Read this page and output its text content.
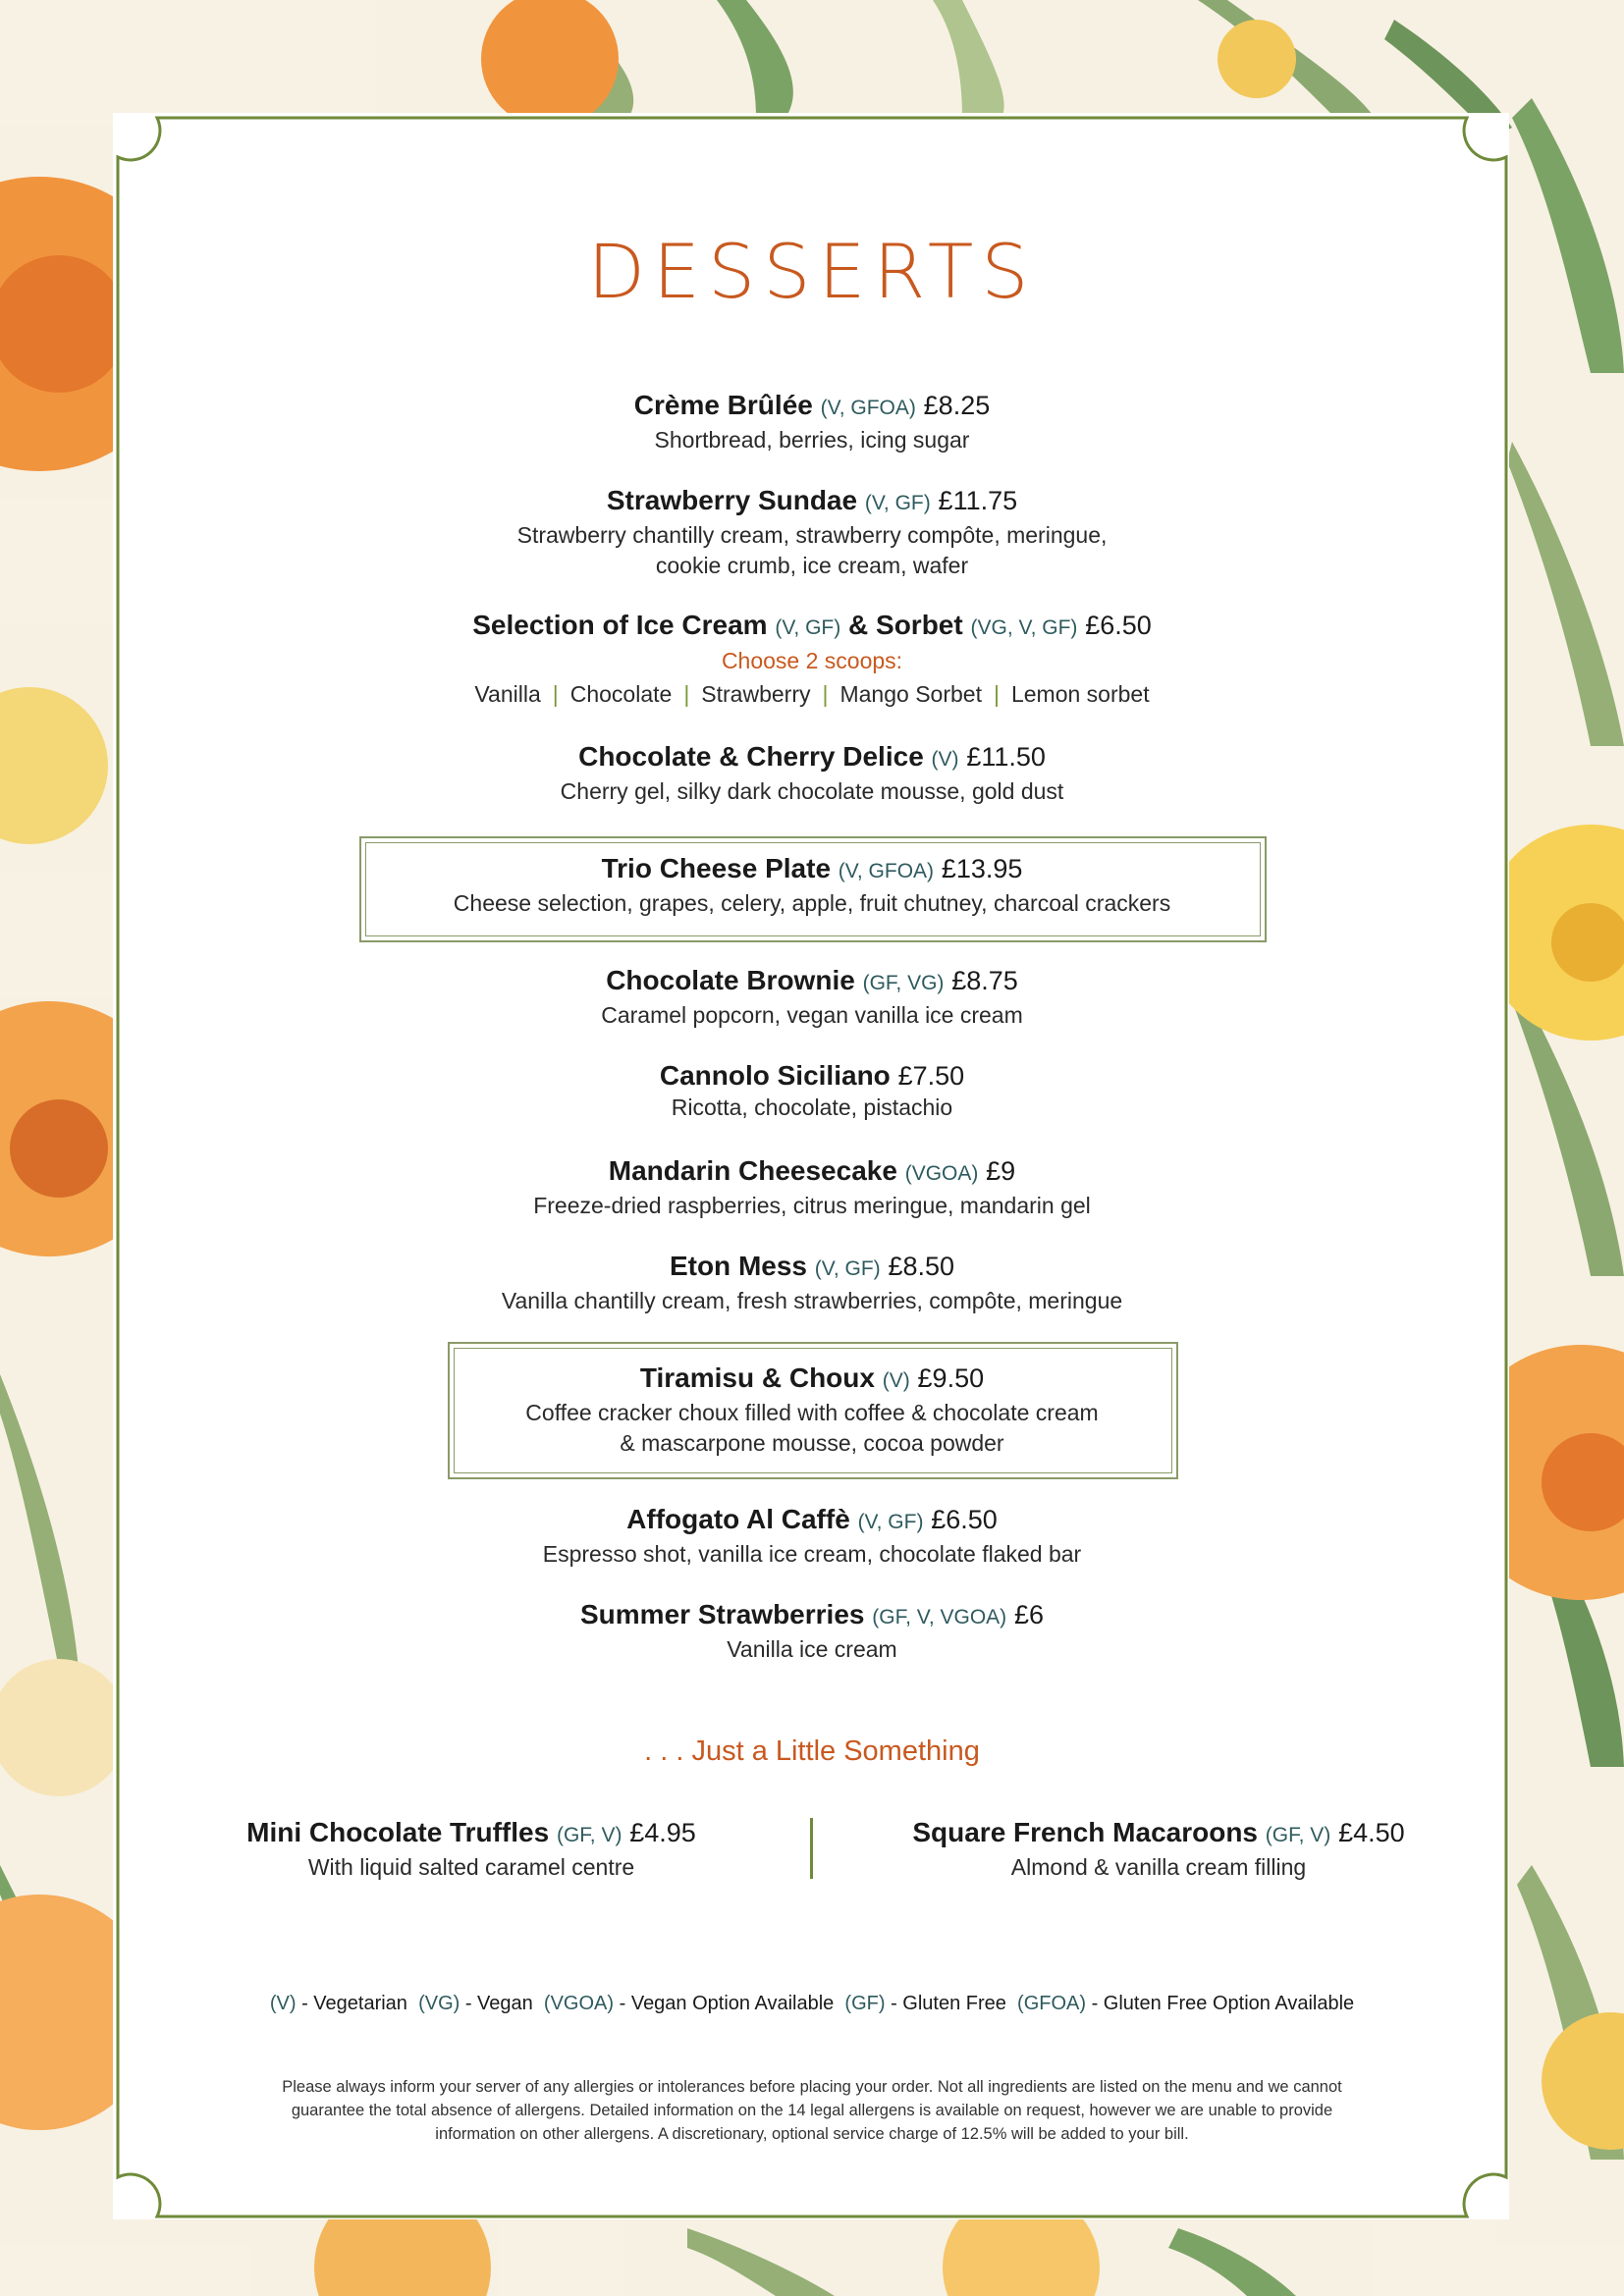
DESSERTS
Crème Brûlée (V, GFOA) £8.25
Shortbread, berries, icing sugar
Strawberry Sundae (V, GF) £11.75
Strawberry chantilly cream, strawberry compôte, meringue,
cookie crumb, ice cream, wafer
Selection of Ice Cream (V, GF) & Sorbet (VG, V, GF) £6.50
Choose 2 scoops:
Vanilla | Chocolate | Strawberry | Mango Sorbet | Lemon sorbet
Chocolate & Cherry Delice (V) £11.50
Cherry gel, silky dark chocolate mousse, gold dust
Trio Cheese Plate (V, GFOA) £13.95
Cheese selection, grapes, celery, apple, fruit chutney, charcoal crackers
Chocolate Brownie (GF, VG) £8.75
Caramel popcorn, vegan vanilla ice cream
Cannolo Siciliano £7.50
Ricotta, chocolate, pistachio
Mandarin Cheesecake (VGOA) £9
Freeze-dried raspberries, citrus meringue, mandarin gel
Eton Mess (V, GF) £8.50
Vanilla chantilly cream, fresh strawberries, compôte, meringue
Tiramisu & Choux (V) £9.50
Coffee cracker choux filled with coffee & chocolate cream
& mascarpone mousse, cocoa powder
Affogato Al Caffè (V, GF) £6.50
Espresso shot, vanilla ice cream, chocolate flaked bar
Summer Strawberries (GF, V, VGOA) £6
Vanilla ice cream
. . . Just a Little Something
Mini Chocolate Truffles (GF, V) £4.95
With liquid salted caramel centre
Square French Macaroons (GF, V) £4.50
Almond & vanilla cream filling
(V) - Vegetarian (VG) - Vegan (VGOA) - Vegan Option Available (GF) - Gluten Free (GFOA) - Gluten Free Option Available
Please always inform your server of any allergies or intolerances before placing your order. Not all ingredients are listed on the menu and we cannot
guarantee the total absence of allergens. Detailed information on the 14 legal allergens is available on request, however we are unable to provide
information on other allergens. A discretionary, optional service charge of 12.5% will be added to your bill.
